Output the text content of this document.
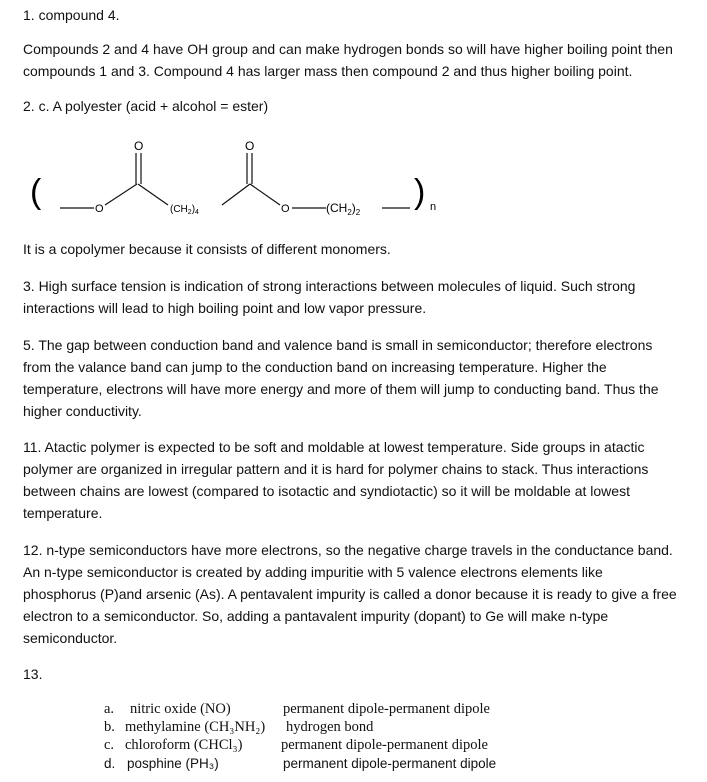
1. compound 4.

Compounds 2 and 4 have OH group and can make hydrogen bonds so will have higher boiling point then

compounds 1 and 3. Compound 4 has larger mass then compound 2 and thus higher boiling point.

2. c. A polyester (acid + alcohol = ester)

(	O
O
$(CH_2)_4$
O
O	$(CH_2)_2$
) n

It is a copolymer because it consists of different monomers.

3. High surface tension is indication of strong interactions between molecules of liquid. Such strong

interactions will lead to high boiling point and low vapor pressure.

5. The gap between conduction band and valence band is small in semiconductor; therefore electrons

from the valance band can jump to the conduction band on increasing temperature. Higher the

temperature, electrons will have more energy and more of them will jump to conducting band. Thus the

higher conductivity.

11. Atactic polymer is expected to be soft and moldable at lowest temperature. Side groups in atactic

polymer are organized in irregular pattern and it is hard for polymer chains to stack. Thus interactions

between chains are lowest (compared to isotactic and syndiotactic) so it will be moldable at lowest

temperature.

12. n-type semiconductors have more electrons, so the negative charge travels in the conductance band.

An n-type semiconductor is created by adding impuritie with 5 valence electrons elements like

phosphorus (P)and arsenic (As). A pentavalent impurity is called a donor because it is ready to give a free

electron to a semiconductor. So, adding a pantavalent impurity (dopant) to Ge will make n-type

semiconductor.

13.

a.	nitric oxide (NO)	permanent dipole-permanent dipole
b. methylamine (CH₃NH₂) hydrogen bond
c. chloroform (CHCl₃)	permanent dipole-permanent dipole
d. posphine (PH₃)	permanent dipole-permanent dipole
